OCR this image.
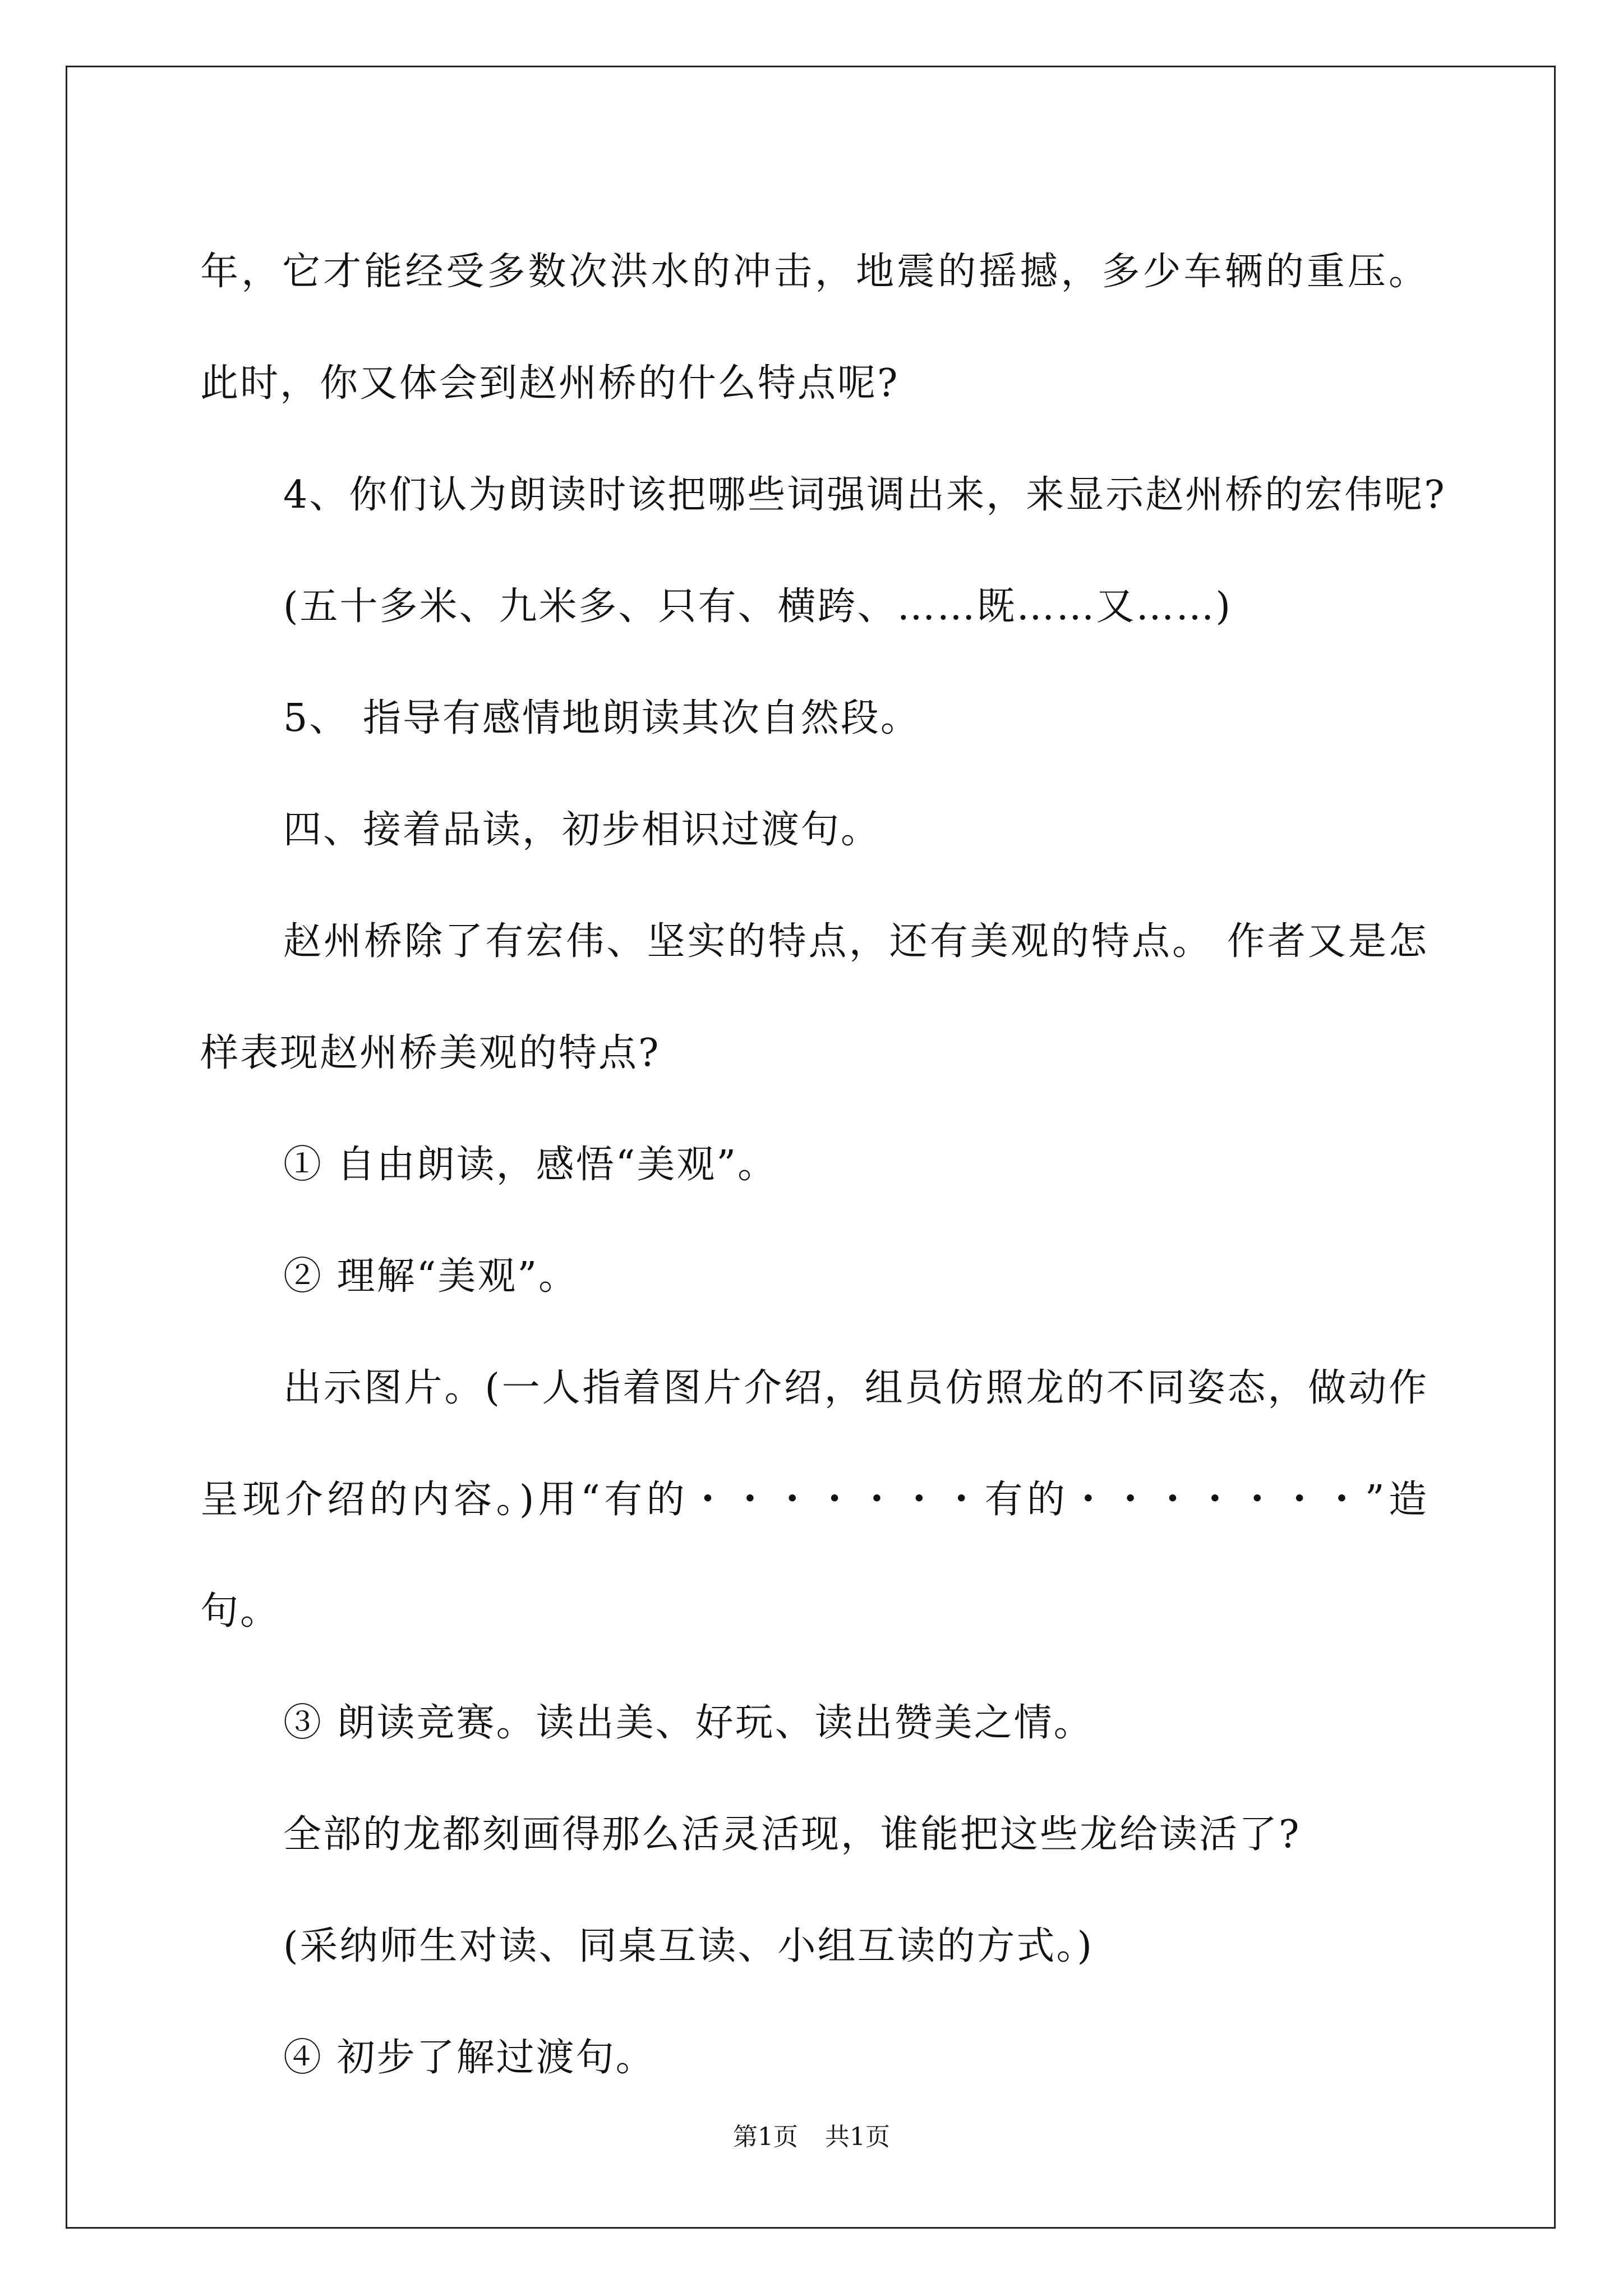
年，它才能经受多数次洪水的冲击，地震的摇撼，多少车辆的重压。
此时，你又体会到赵州桥的什么特点呢?
4、你们认为朗读时该把哪些词强调出来，来显示赵州桥的宏伟呢?
(五十多米、九米多、只有、横跨、……既……又……)
5、 指导有感情地朗读其次自然段。
四、接着品读，初步相识过渡句。
赵州桥除了有宏伟、坚实的特点，还有美观的特点。 作者又是怎
样表现赵州桥美观的特点?
① 自由朗读，感悟“美观”。
② 理解“美观”。
出示图片。(一人指着图片介绍，组员仿照龙的不同姿态，做动作
呈现介绍的内容。)用“有的・・・・・・・有的・・・・・・・”造
句。
③ 朗读竞赛。读出美、好玩、读出赞美之情。
全部的龙都刻画得那么活灵活现，谁能把这些龙给读活了?
(采纳师生对读、同桌互读、小组互读的方式。)
④ 初步了解过渡句。
第1页 共1页
